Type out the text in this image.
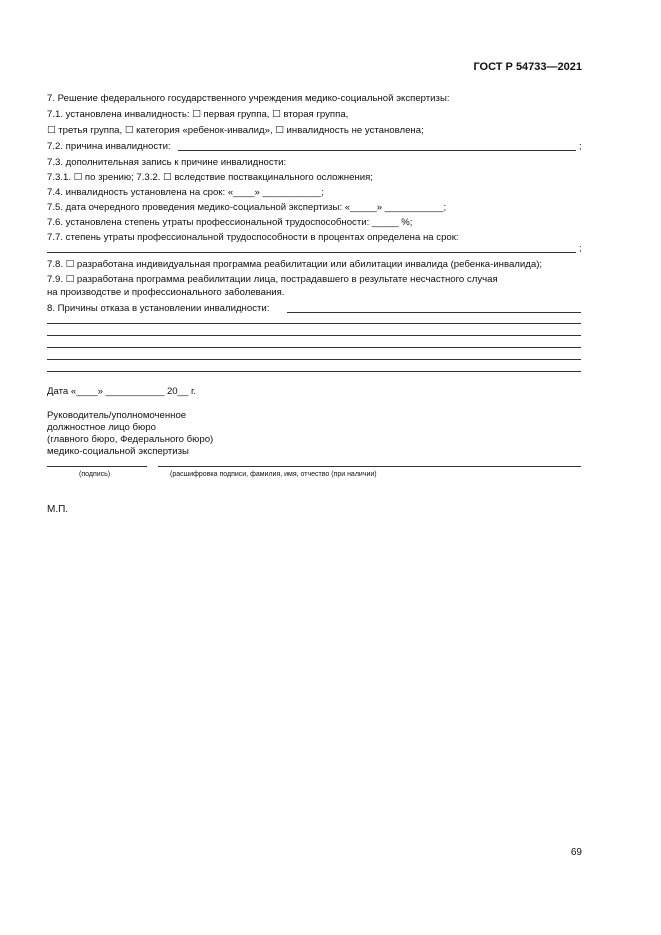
ГОСТ Р 54733—2021
7. Решение федерального государственного учреждения медико-социальной экспертизы:
7.1. установлена инвалидность: ☐ первая группа, ☐ вторая группа,
☐ третья группа, ☐ категория «ребенок-инвалид», ☐ инвалидность не установлена;
7.2. причина инвалидности:	;
7.3. дополнительная запись к причине инвалидности:
7.3.1. ☐ по зрению; 7.3.2. ☐ вследствие поствакцинального осложнения;
7.4. инвалидность установлена на срок: «____» ___________;
7.5. дата очередного проведения медико-социальной экспертизы: «_____» ___________;
7.6. установлена степень утраты профессиональной трудоспособности: _____ %;
7.7. степень утраты профессиональной трудоспособности в процентах определена на срок:
;
7.8. ☐ разработана индивидуальная программа реабилитации или абилитации инвалида (ребенка-инвалида);
7.9. ☐ разработана программа реабилитации лица, пострадавшего в результате несчастного случая
на производстве и профессионального заболевания.
8. Причины отказа в установлении инвалидности:
Дата «____» ___________ 20__ г.
Руководитель/уполномоченное
должностное лицо бюро
(главного бюро, Федерального бюро)
медико-социальной экспертизы
(подпись)	(расшифровка подписи, фамилия, имя, отчество (при наличии)
М.П.
69
